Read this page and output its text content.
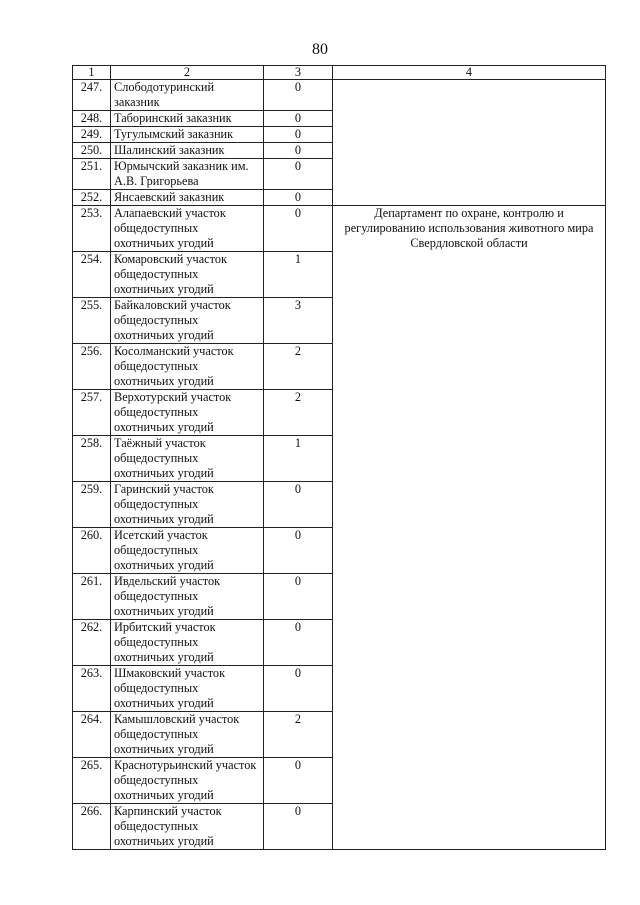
80
1	2	3	4
247.	Слободотуринский заказник	0	
248.	Таборинский заказник	0	
249.	Тугулымский заказник	0	
250.	Шалинский заказник	0	
251.	Юрмычский заказник им. А.В. Григорьева	0	
252.	Янсаевский заказник	0	
253.	Алапаевский участок общедоступных охотничьих угодий	0	Департамент по охране, контролю и регулированию использования животного мира Свердловской области

254.	Комаровский участок общедоступных охотничьих угодий	1	
255.	Байкаловский участок общедоступных охотничьих угодий	3	
256.	Косолманский участок общедоступных охотничьих угодий	2	
257.	Верхотурский участок общедоступных охотничьих угодий	2	
258.	Таёжный участок общедоступных охотничьих угодий	1	
259.	Гаринский участок общедоступных охотничьих угодий	0	
260.	Исетский участок общедоступных охотничьих угодий	0	
261.	Ивдельский участок общедоступных охотничьих угодий	0	
262.	Ирбитский участок общедоступных охотничьих угодий	0	
263.	Шмаковский участок общедоступных охотничьих угодий	0	
264.	Камышловский участок общедоступных охотничьих угодий	2	
265.	Краснотурьинский участок общедоступных охотничьих угодий	0	
266.	Карпинский участок общедоступных охотничьих угодий	0	
